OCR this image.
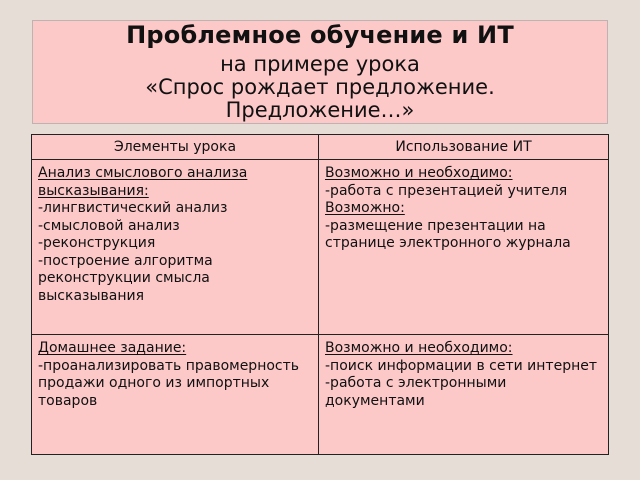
Проблемное обучение и ИТ
на примере урока
«Спрос рождает предложение.
Предложение…»
Элементы урока	Использование ИТ
Анализ смыслового анализа высказывания:
-лингвистический анализ
-смысловой анализ
-реконструкция
-построение алгоритма реконструкции смысла высказывания
Возможно и необходимо:
-работа с презентацией учителя
Возможно:
-размещение презентации на странице электронного журнала
Домашнее задание:
-проанализировать правомерность продажи одного из импортных товаров
Возможно и необходимо:
-поиск информации в сети интернет
-работа с электронными документами
